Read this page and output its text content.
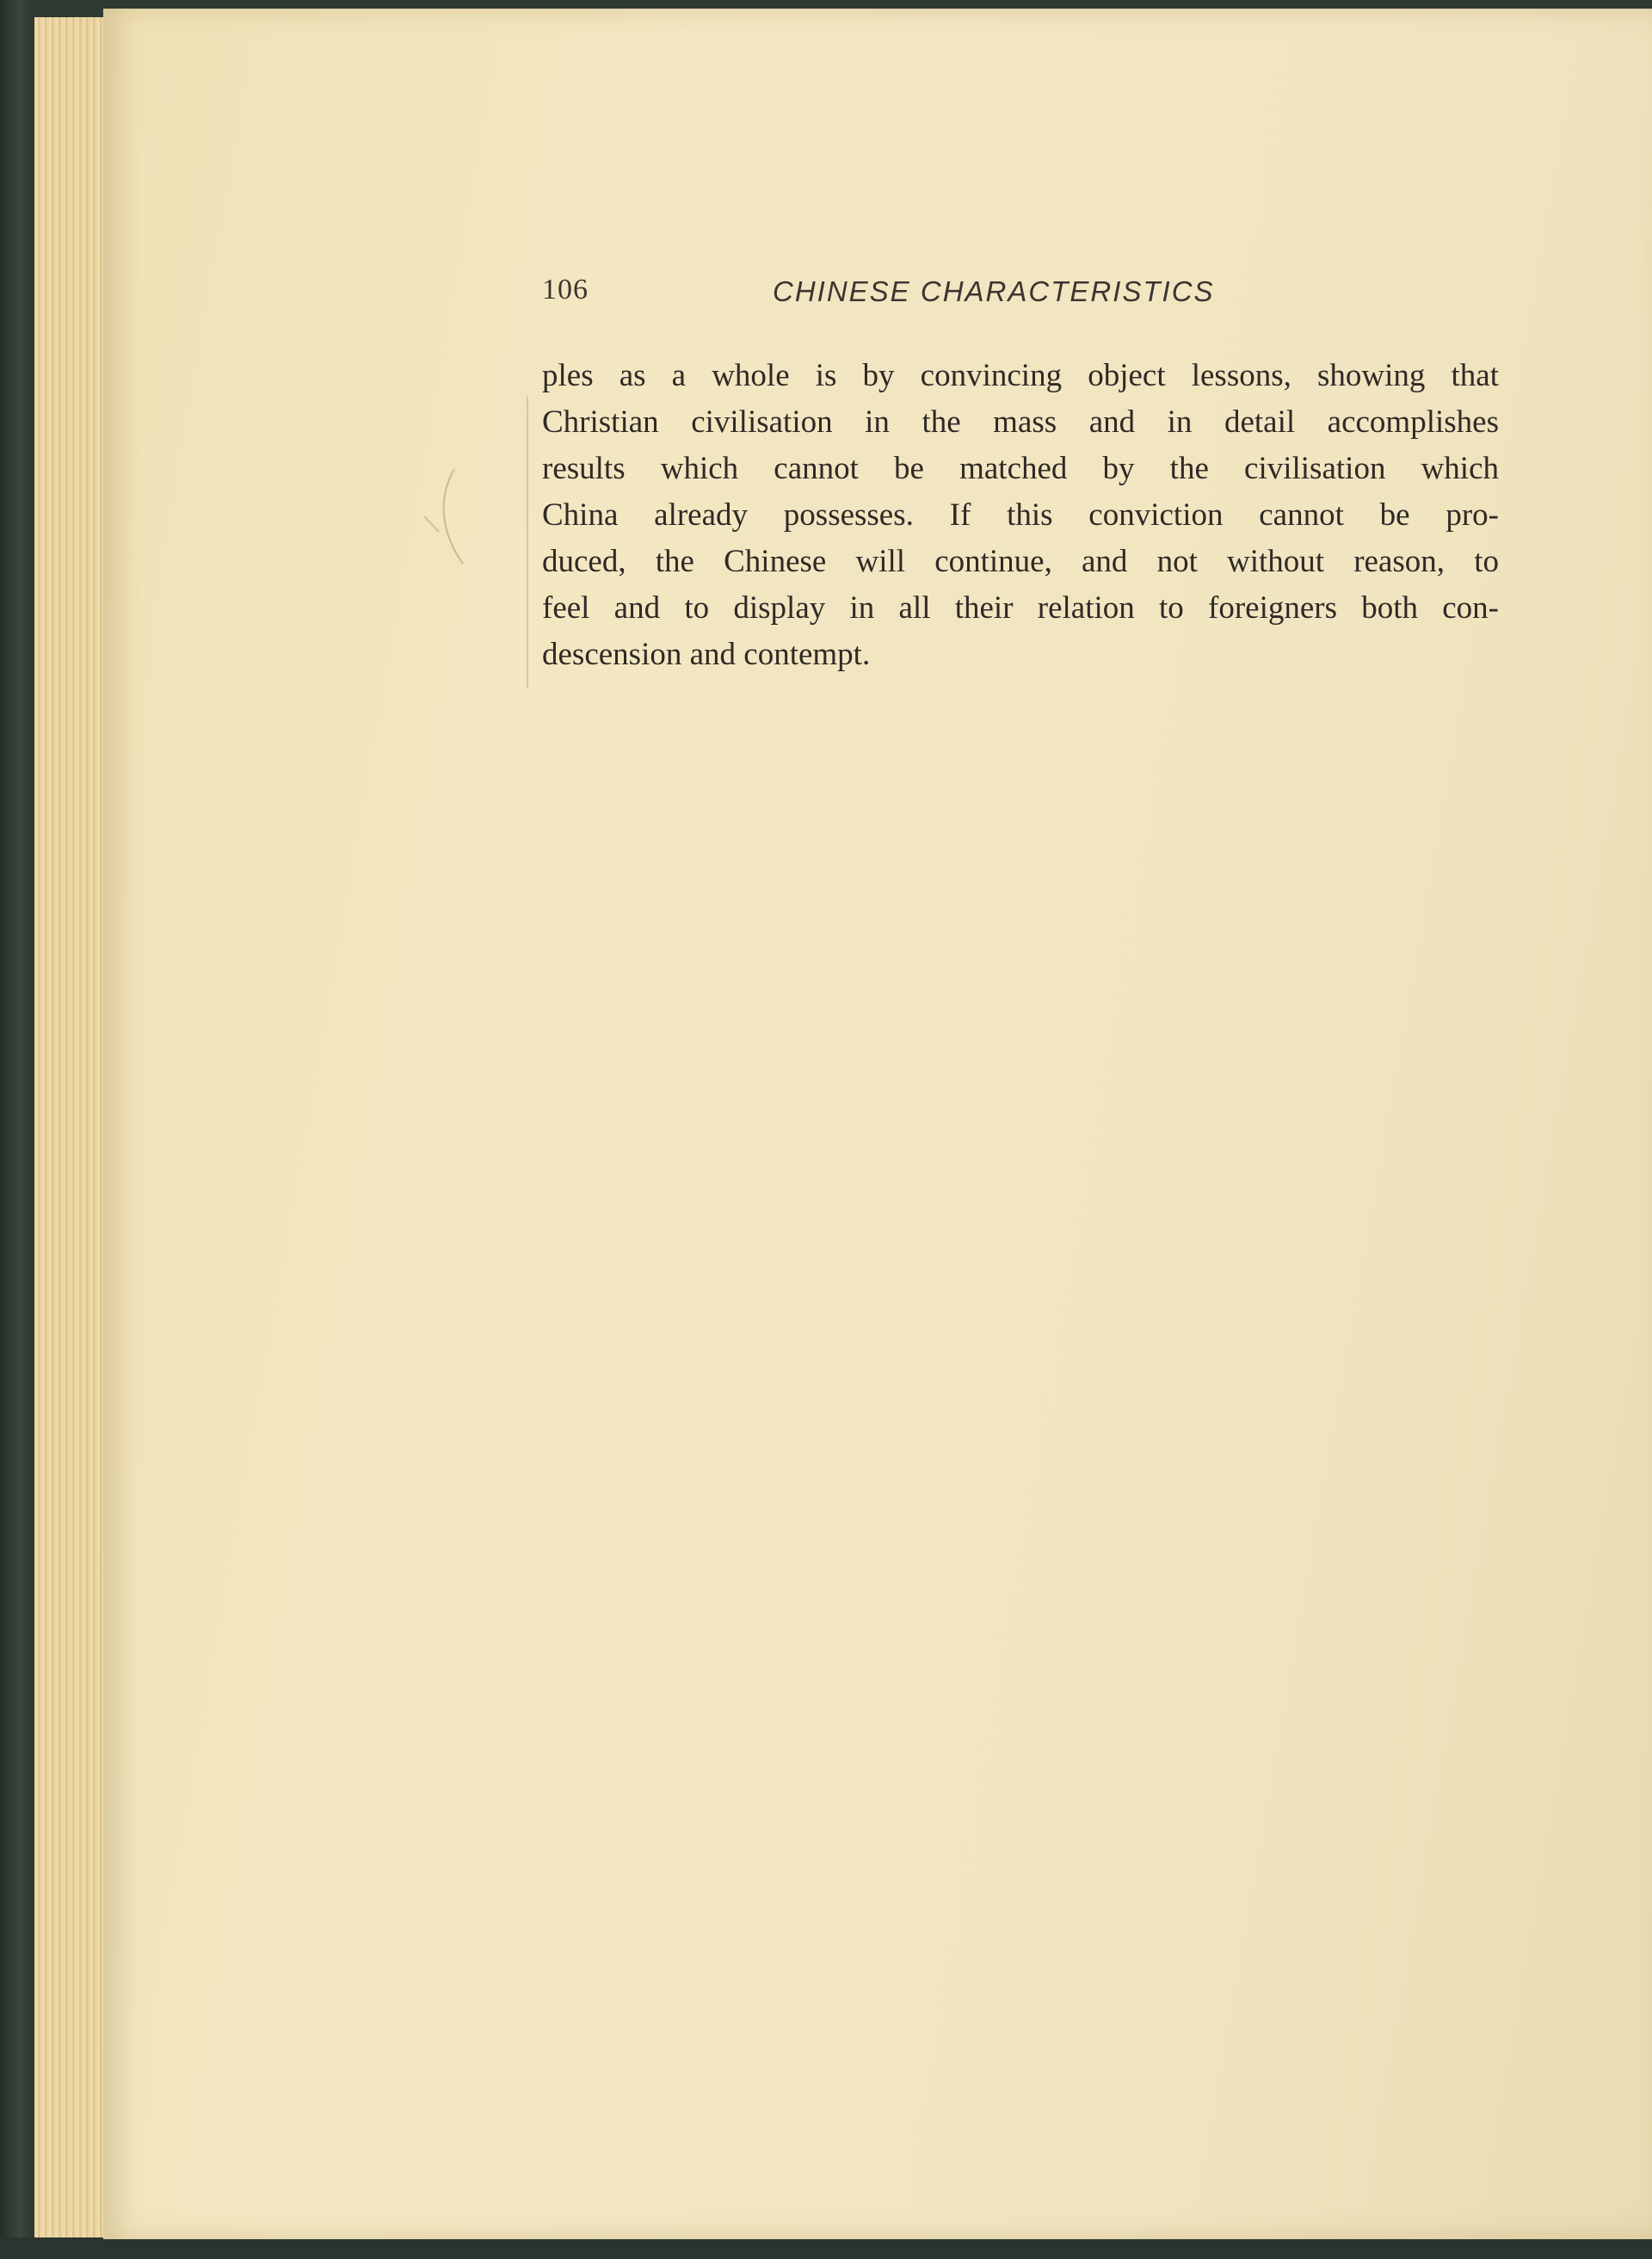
106	CHINESE CHARACTERISTICS

ples as a whole is by convincing object lessons, showing that
Christian civilisation in the mass and in detail accomplishes
results which cannot be matched by the civilisation which
China already possesses. If this conviction cannot be pro-
duced, the Chinese will continue, and not without reason, to
feel and to display in all their relation to foreigners both con-
descension and contempt.
